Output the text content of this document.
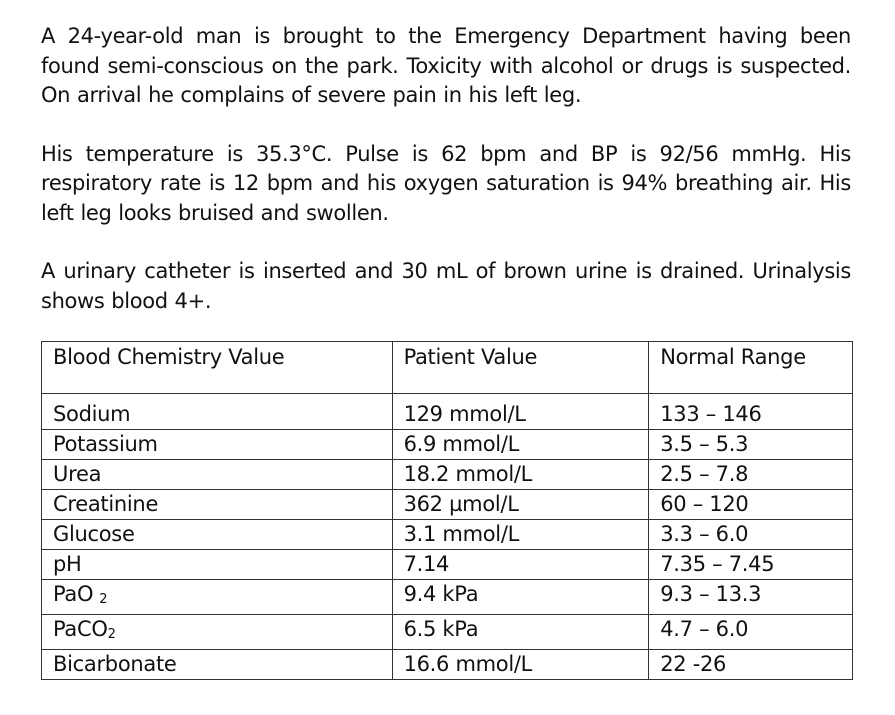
A 24-year-old man is brought to the Emergency Department having been found semi-conscious on the park. Toxicity with alcohol or drugs is suspected. On arrival he complains of severe pain in his left leg.

His temperature is 35.3°C. Pulse is 62 bpm and BP is 92/56 mmHg. His respiratory rate is 12 bpm and his oxygen saturation is 94% breathing air. His left leg looks bruised and swollen.

A urinary catheter is inserted and 30 mL of brown urine is drained. Urinalysis shows blood 4+.

Blood Chemistry Value	Patient Value	Normal Range
Sodium	129 mmol/L	133 – 146
Potassium	6.9 mmol/L	3.5 – 5.3
Urea	18.2 mmol/L	2.5 – 7.8
Creatinine	362 µmol/L	60 – 120
Glucose	3.1 mmol/L	3.3 – 6.0
pH	7.14	7.35 – 7.45
PaO $_2$	9.4 kPa	9.3 – 13.3
PaCO$_2$	6.5 kPa	4.7 – 6.0
Bicarbonate	16.6 mmol/L	22 -26
